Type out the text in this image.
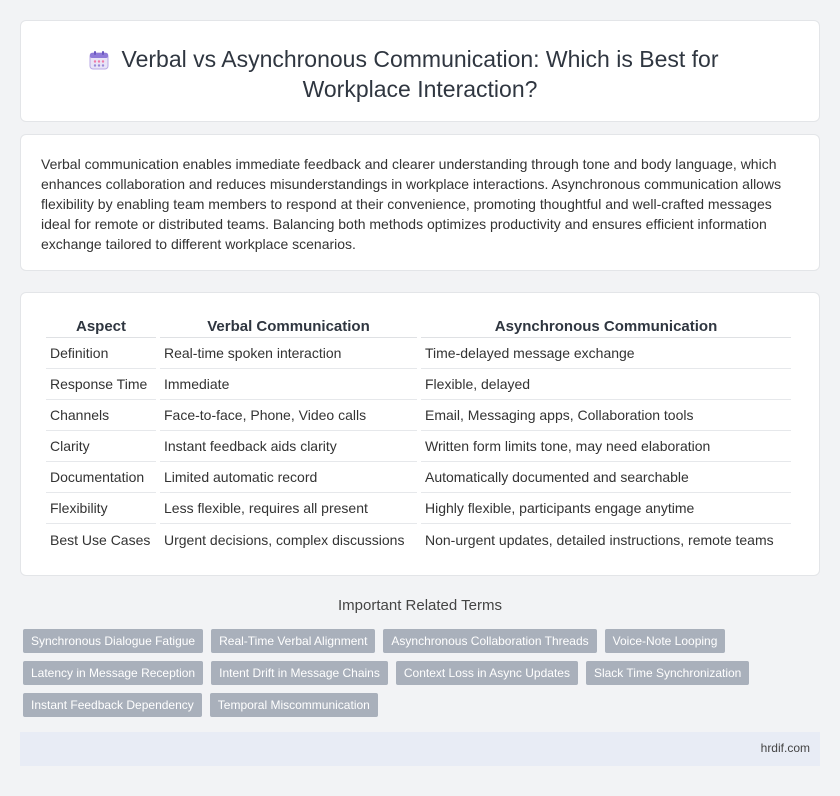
Verbal vs Asynchronous Communication: Which is Best for Workplace Interaction?

Verbal communication enables immediate feedback and clearer understanding through tone and body language, which enhances collaboration and reduces misunderstandings in workplace interactions. Asynchronous communication allows flexibility by enabling team members to respond at their convenience, promoting thoughtful and well-crafted messages ideal for remote or distributed teams. Balancing both methods optimizes productivity and ensures efficient information exchange tailored to different workplace scenarios.

Aspect	Verbal Communication	Asynchronous Communication
Definition	Real-time spoken interaction	Time-delayed message exchange
Response Time	Immediate	Flexible, delayed
Channels	Face-to-face, Phone, Video calls	Email, Messaging apps, Collaboration tools
Clarity	Instant feedback aids clarity	Written form limits tone, may need elaboration
Documentation	Limited automatic record	Automatically documented and searchable
Flexibility	Less flexible, requires all present	Highly flexible, participants engage anytime
Best Use Cases	Urgent decisions, complex discussions	Non-urgent updates, detailed instructions, remote teams
Important Related Terms
Synchronous Dialogue Fatigue	Real-Time Verbal Alignment	Asynchronous Collaboration Threads	Voice-Note Looping
Latency in Message Reception	Intent Drift in Message Chains	Context Loss in Async Updates	Slack Time Synchronization
Instant Feedback Dependency	Temporal Miscommunication
hrdif.com
